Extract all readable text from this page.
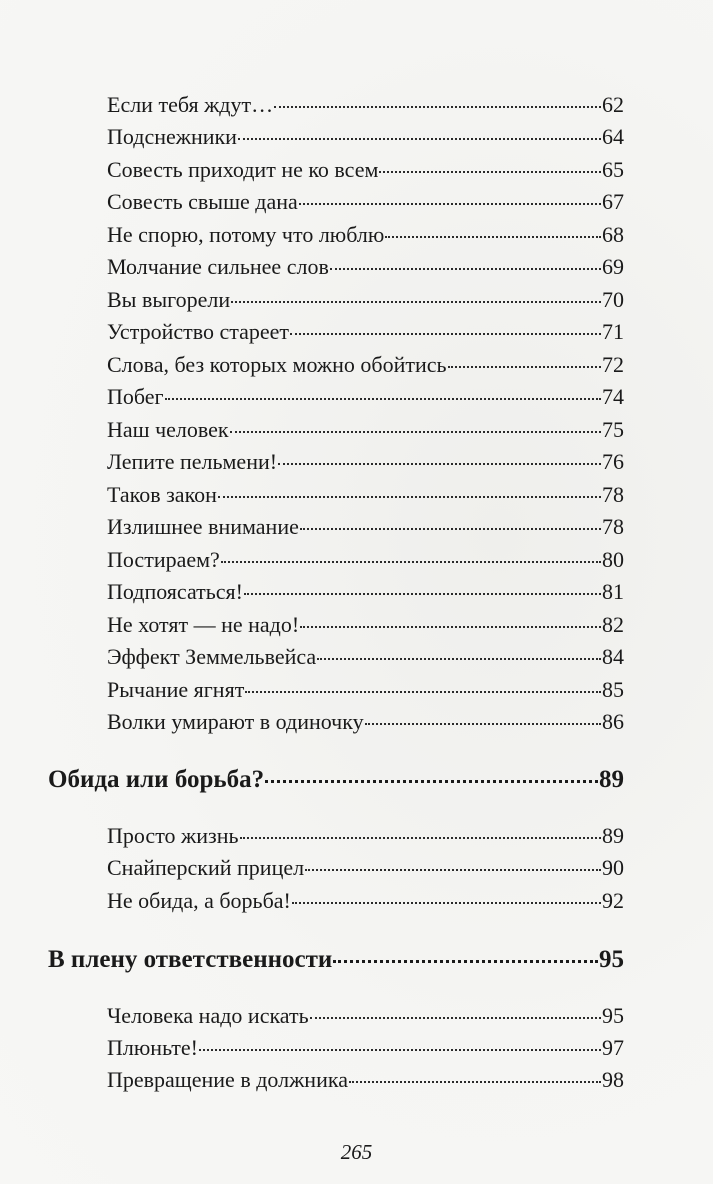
Если тебя ждут…	62
Подснежники	64
Совесть приходит не ко всем	65
Совесть свыше дана	67
Не спорю, потому что люблю	68
Молчание сильнее слов	69
Вы выгорели	70
Устройство стареет	71
Слова, без которых можно обойтись	72
Побег	74
Наш человек	75
Лепите пельмени!	76
Таков закон	78
Излишнее внимание	78
Постираем?	80
Подпоясаться!	81
Не хотят — не надо!	82
Эффект Земмельвейса	84
Рычание ягнят	85
Волки умирают в одиночку	86
Обида или борьба?	89
Просто жизнь	89
Снайперский прицел	90
Не обида, а борьба!	92
В плену ответственности	95
Человека надо искать	95
Плюньте!	97
Превращение в должника	98
265
